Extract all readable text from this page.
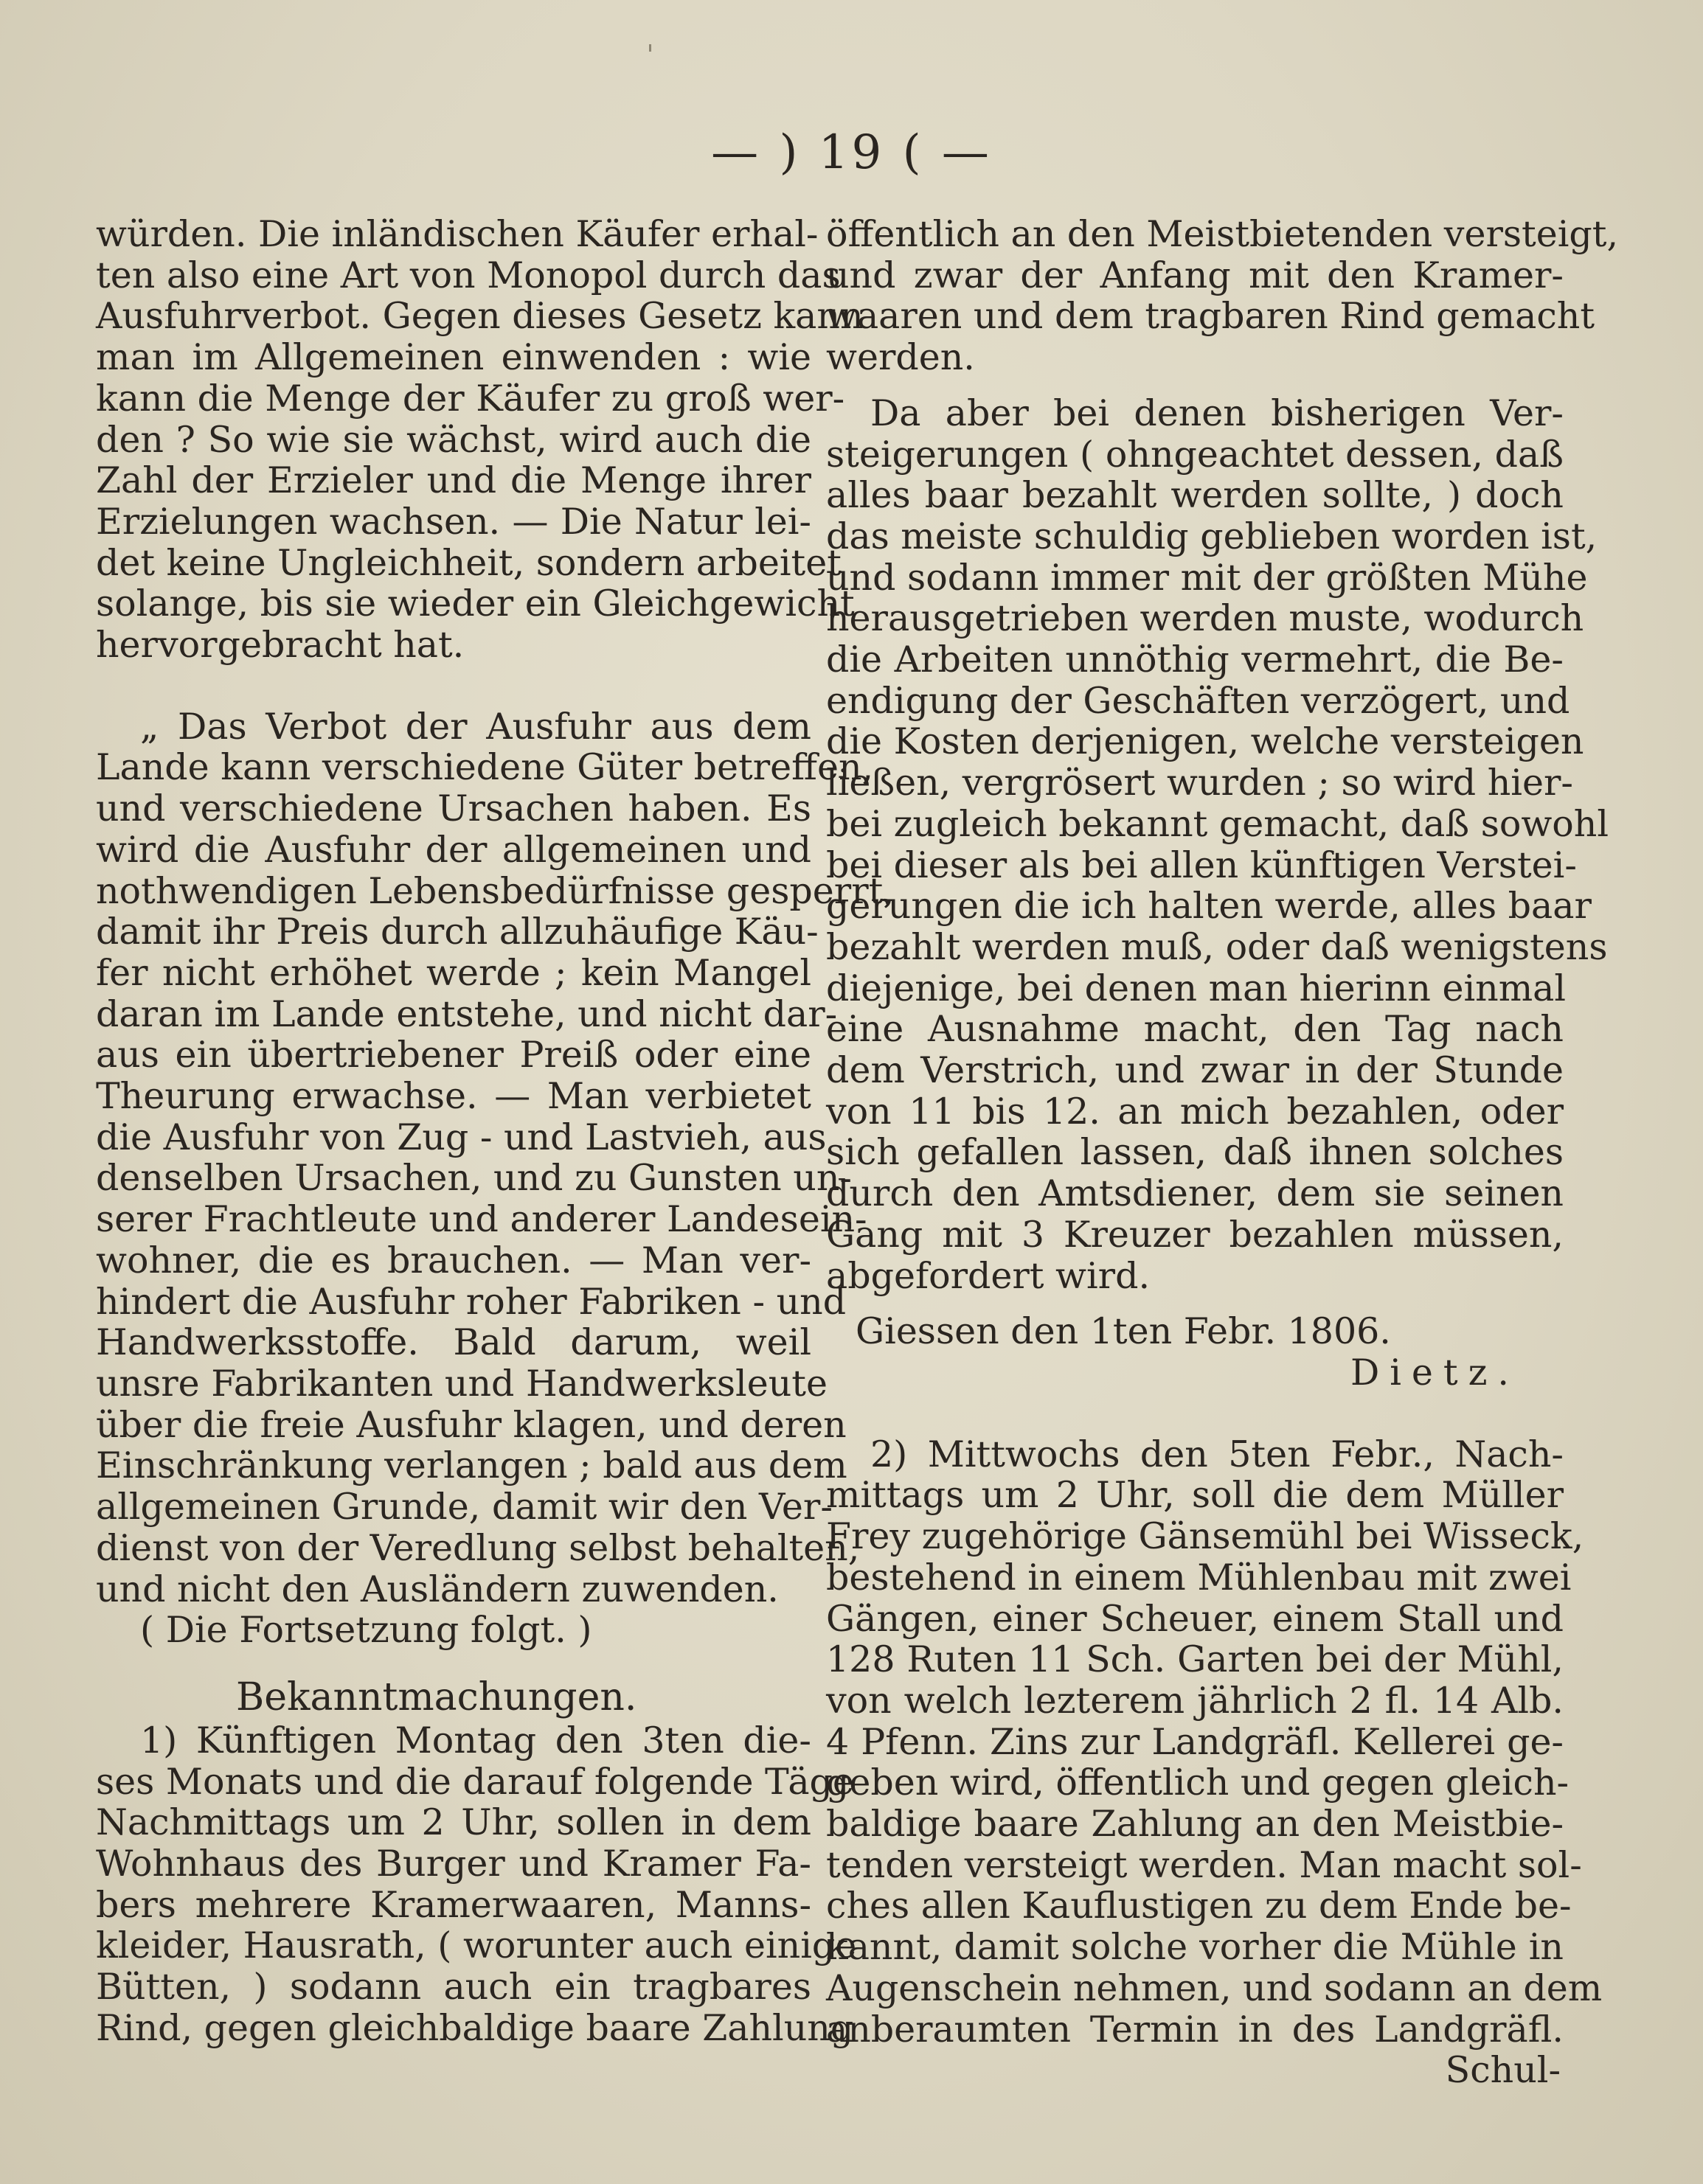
— ) 19 ( —
würden. Die inländischen Käufer erhal-
ten also eine Art von Monopol durch das
Ausfuhrverbot. Gegen dieses Gesetz kann
man im Allgemeinen einwenden : wie
kann die Menge der Käufer zu groß wer-
den ? So wie sie wächst, wird auch die
Zahl der Erzieler und die Menge ihrer
Erzielungen wachsen. — Die Natur lei-
det keine Ungleichheit, sondern arbeitet
solange, bis sie wieder ein Gleichgewicht
hervorgebracht hat.
„ Das Verbot der Ausfuhr aus dem
Lande kann verschiedene Güter betreffen,
und verschiedene Ursachen haben. Es
wird die Ausfuhr der allgemeinen und
nothwendigen Lebensbedürfnisse gesperrt,
damit ihr Preis durch allzuhäufige Käu-
fer nicht erhöhet werde ; kein Mangel
daran im Lande entstehe, und nicht dar-
aus ein übertriebener Preiß oder eine
Theurung erwachse. — Man verbietet
die Ausfuhr von Zug - und Lastvieh, aus
denselben Ursachen, und zu Gunsten un-
serer Frachtleute und anderer Landesein-
wohner, die es brauchen. — Man ver-
hindert die Ausfuhr roher Fabriken - und
Handwerksstoffe. Bald darum, weil
unsre Fabrikanten und Handwerksleute
über die freie Ausfuhr klagen, und deren
Einschränkung verlangen ; bald aus dem
allgemeinen Grunde, damit wir den Ver-
dienst von der Veredlung selbst behalten,
und nicht den Ausländern zuwenden.
( Die Fortsetzung folgt. )
Bekanntmachungen.
1) Künftigen Montag den 3ten die-
ses Monats und die darauf folgende Täge
Nachmittags um 2 Uhr, sollen in dem
Wohnhaus des Burger und Kramer Fa-
bers mehrere Kramerwaaren, Manns-
kleider, Hausrath, ( worunter auch einige
Bütten, ) sodann auch ein tragbares
Rind, gegen gleichbaldige baare Zahlung
öffentlich an den Meistbietenden versteigt,
und zwar der Anfang mit den Kramer-
waaren und dem tragbaren Rind gemacht
werden.
Da aber bei denen bisherigen Ver-
steigerungen ( ohngeachtet dessen, daß
alles baar bezahlt werden sollte, ) doch
das meiste schuldig geblieben worden ist,
und sodann immer mit der größten Mühe
herausgetrieben werden muste, wodurch
die Arbeiten unnöthig vermehrt, die Be-
endigung der Geschäften verzögert, und
die Kosten derjenigen, welche versteigen
ließen, vergrösert wurden ; so wird hier-
bei zugleich bekannt gemacht, daß sowohl
bei dieser als bei allen künftigen Verstei-
gerungen die ich halten werde, alles baar
bezahlt werden muß, oder daß wenigstens
diejenige, bei denen man hierinn einmal
eine Ausnahme macht, den Tag nach
dem Verstrich, und zwar in der Stunde
von 11 bis 12. an mich bezahlen, oder
sich gefallen lassen, daß ihnen solches
durch den Amtsdiener, dem sie seinen
Gang mit 3 Kreuzer bezahlen müssen,
abgefordert wird.
Giessen den 1ten Febr. 1806.
Dietz.
2) Mittwochs den 5ten Febr., Nach-
mittags um 2 Uhr, soll die dem Müller
Frey zugehörige Gänsemühl bei Wisseck,
bestehend in einem Mühlenbau mit zwei
Gängen, einer Scheuer, einem Stall und
128 Ruten 11 Sch. Garten bei der Mühl,
von welch lezterem jährlich 2 fl. 14 Alb.
4 Pfenn. Zins zur Landgräfl. Kellerei ge-
geben wird, öffentlich und gegen gleich-
baldige baare Zahlung an den Meistbie-
tenden versteigt werden. Man macht sol-
ches allen Kauflustigen zu dem Ende be-
kannt, damit solche vorher die Mühle in
Augenschein nehmen, und sodann an dem
anberaumten Termin in des Landgräfl.
Schul-
